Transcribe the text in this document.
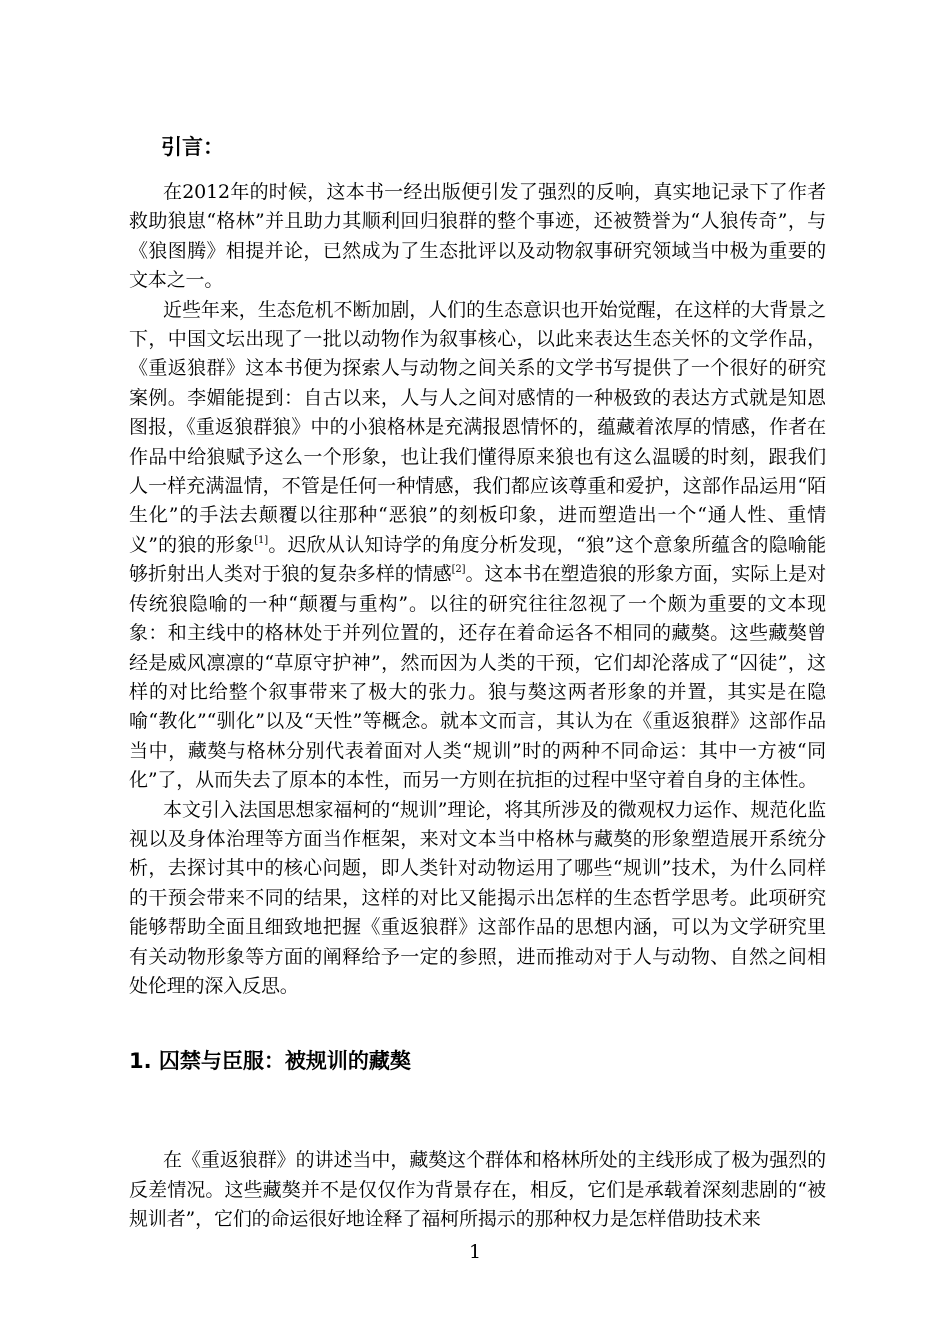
引言：

在2012年的时候，这本书一经出版便引发了强烈的反响，真实地记录下了作者救助狼崽“格林”并且助力其顺利回归狼群的整个事迹，还被赞誉为“人狼传奇”，与《狼图腾》相提并论，已然成为了生态批评以及动物叙事研究领域当中极为重要的文本之一。

近些年来，生态危机不断加剧，人们的生态意识也开始觉醒，在这样的大背景之下，中国文坛出现了一批以动物作为叙事核心，以此来表达生态关怀的文学作品，《重返狼群》这本书便为探索人与动物之间关系的文学书写提供了一个很好的研究案例。李媚能提到：自古以来，人与人之间对感情的一种极致的表达方式就是知恩图报，《重返狼群狼》中的小狼格林是充满报恩情怀的，蕴藏着浓厚的情感，作者在作品中给狼赋予这么一个形象，也让我们懂得原来狼也有这么温暖的时刻，跟我们人一样充满温情，不管是任何一种情感，我们都应该尊重和爱护，这部作品运用“陌生化”的手法去颠覆以往那种“恶狼”的刻板印象，进而塑造出一个“通人性、重情义”的狼的形象[1]。迟欣从认知诗学的角度分析发现，“狼”这个意象所蕴含的隐喻能够折射出人类对于狼的复杂多样的情感[2]。这本书在塑造狼的形象方面，实际上是对传统狼隐喻的一种“颠覆与重构”。以往的研究往往忽视了一个颇为重要的文本现象：和主线中的格林处于并列位置的，还存在着命运各不相同的藏獒。这些藏獒曾经是威风凛凛的“草原守护神”，然而因为人类的干预，它们却沦落成了“囚徒”，这样的对比给整个叙事带来了极大的张力。狼与獒这两者形象的并置，其实是在隐喻“教化”“驯化”以及“天性”等概念。就本文而言，其认为在《重返狼群》这部作品当中，藏獒与格林分别代表着面对人类“规训”时的两种不同命运：其中一方被“同化”了，从而失去了原本的本性，而另一方则在抗拒的过程中坚守着自身的主体性。

本文引入法国思想家福柯的“规训”理论，将其所涉及的微观权力运作、规范化监视以及身体治理等方面当作框架，来对文本当中格林与藏獒的形象塑造展开系统分析，去探讨其中的核心问题，即人类针对动物运用了哪些“规训”技术，为什么同样的干预会带来不同的结果，这样的对比又能揭示出怎样的生态哲学思考。此项研究能够帮助全面且细致地把握《重返狼群》这部作品的思想内涵，可以为文学研究里有关动物形象等方面的阐释给予一定的参照，进而推动对于人与动物、自然之间相处伦理的深入反思。

1. 囚禁与臣服：被规训的藏獒

在《重返狼群》的讲述当中，藏獒这个群体和格林所处的主线形成了极为强烈的反差情况。这些藏獒并不是仅仅作为背景存在，相反，它们是承载着深刻悲剧的“被规训者”，它们的命运很好地诠释了福柯所揭示的那种权力是怎样借助技术来

1
